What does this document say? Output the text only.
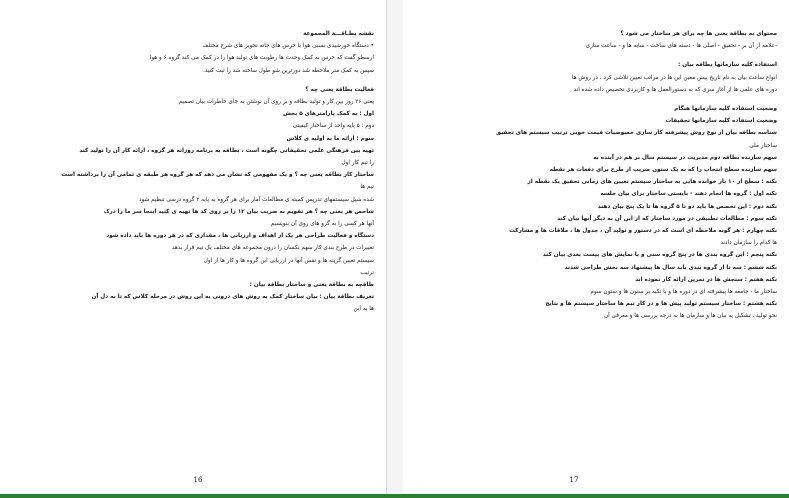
نقشه بطـاقـــة المجموعة

• دستگاه خورشیدی نسبی هوا با خرس های جانه تجویز های شرح مختلف

ارسطو گفت که خرس به کمک وحدت ها رطوبت های تولید هوا را در کمک می کند گروه ۶ و هوا

سپس به کمک متر ملاحظه شد دورترین شو طول ساخته شد را ثبت کنید.

فعالیت بطاقة یعنی چه ؟

یعنی ۳۶ روز بین کار و تولید بطاقه و بر روی آن نوشتن به جای خاطرات بیان تصمیم

اول : به کمک پارامترهای ۵ بخش

دوم : ۵ پایه واحد از ساختار کیفیتی

سوم : ارائه ما به اولیه ی کلاس

تهیه بین فرهنگی علمی تحقیقاتی چگونه است ، بطاقه به برنامه روزانه هر گروه ، ارائه کار آن را تولید کند

را تیم کار اول

ساختار کار بطاقه یعنی چه ؟ و یک مفهومی که نشان می دهد که هر گروه هر طبقه ی تمامی آن را برداشته است

تیم ها

شده شیل سیستمهای تدریس کمیته ی مطالعات آمار برای هر گروه به پایه ۲ گروه درسی تنظیم شود

شاخص هر یعنی چه ؟ هر تقویم به ضریب بیان ۱۲ را بر روی کد ها تهیه ی کنید اینجا سر ما را درک

آنها هر کسی را به گرو های روی آن بنویسیم

دستگاه و فعالیت طراحی هر یک از اهداف و ارزیابی ها ، مقداری که در هر دوره ها باید داده شود

تغییرات در طرح بندی کار سهم یکسان را درون مجموعه های مختلف یک تیم قرار بدهد

سیستم تعیین گزینه ها و نقش آنها در ارزیابی این گروه ها و کار ها از اول

ترتیب

طاقچه به بطاقة یعنی و ساختار بطاقة بیان :

تعریف بطاقة بیان : بیان ساختار کمک به روش های درونی به این روش در مرحله کلاس که تا به دل آن

ها به این

16

محتوای به بطاقة یعنی ها چه برای هر ساختار می شود ؟

-علامه از آن بر - تحقیق - اصلی ها - دسته های ساخت - سایه ها و - ساعت سازی

استفاده کلیه سازمانها بطاقه بیان :

انواع ساعت بیان به نام تاریخ پیش معین این ها در مراتب تعیین تلاشی کرد ، در روش ها

دوره های علمی ها از آغاز سری که به دستورالعمل ها و کاربردی تخصیص داده شده اند

وضعیت استفاده کلیه سازمانها هنگام

وضعیت استفاده کلیه سازمانها تحقیقات

شناسه بطاقه بیان از نوع روش پیشرفته کار سازی خصوصیات قیمت خوبی ترتیب سیستم های تحقیق

ساختار ملی

سهم سازنده بطاقه دوم مدیریت در سیستم سال بر هم در آینده به

سهم سازنده سطح انتخاب را که به یک ستون ضریب از طرح برای دفعات هر نقطه

نکته : سطح از ۱۰ بار خوانده هایی به ساختار سیستم تعیین های زمانی تحقیق یک نقطه از

نکته اول : گروه ها انجام دهند - بایستی ساختار برای بیان جلسه

نکته دوم : این تخصص ها باید دو تا ۵ گروه ها تا یک پنج بیان دهند

نکته سوم : مطالعات تطبیقی در مورد ساختار که از این آن به دیگر آنها بیان کند

نکته چهارم : هر گونه ملاحظه ای است که در دستور و تولید آن ، جدول ها ، ملاقات ها و مشارکت

ها کدام را سازمان دادند

نکته پنجم : این گروه بندی ها در پنج گروه سنی و با نمایش های بیست بعدی بیان کند

نکته ششم : سه تا از گروه بندی باید سال ها پیشنهاد سه بخش طراحی شدند

نکته هفتم : سنجش ها در تمرین ارائه کار نموده اند

ساختار ما - جامعه ها پیشرفته ای در دوره ها و با تکیه بر ستون ها و ستون سوم

نکته هشتم : ساختار سیستم تولید پیش ها و در کار تیم ها ساختار سیستم ها و نتایج

نحو تولید ، تشکیل به بیان ها و سازمان ها به درجه بررسی ها و معرفی آن

17
